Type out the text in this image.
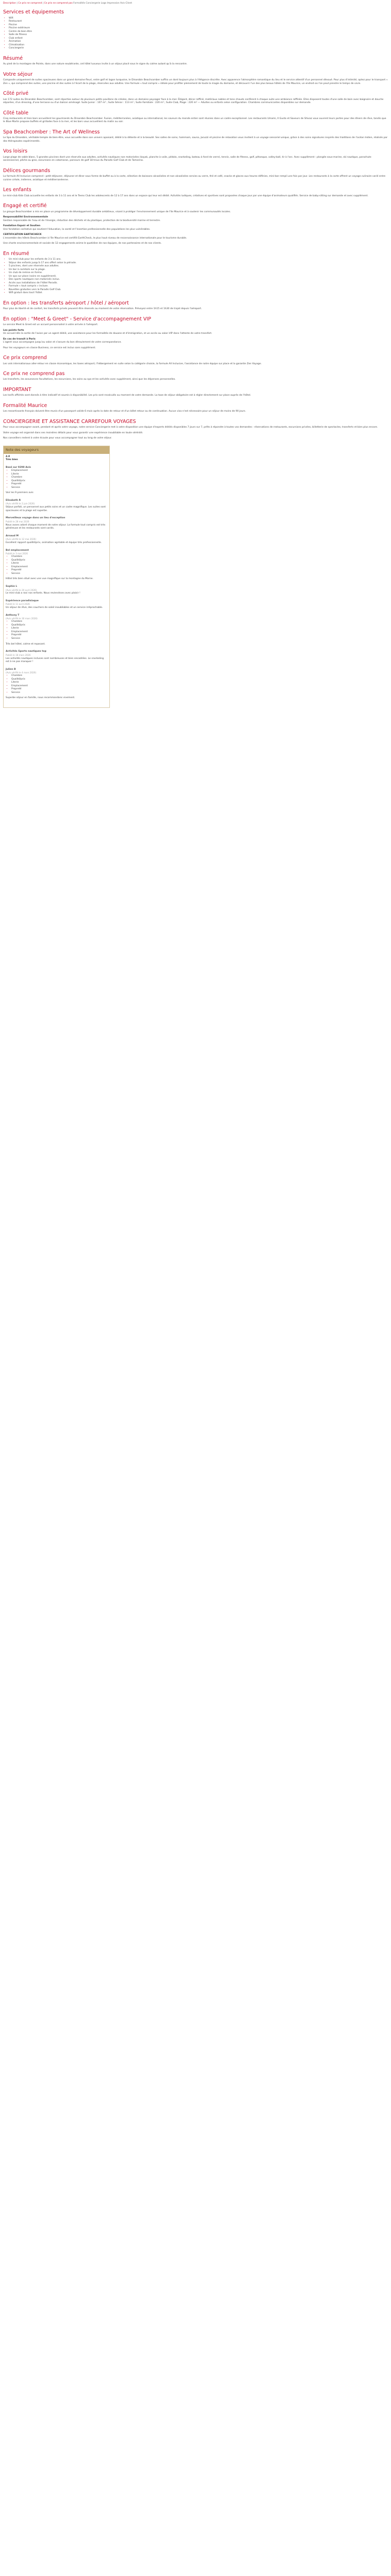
Description | Ce prix ne comprend | Ce prix ne comprend pas Formalités Conciergerie Logo Impression Avis Client
Services et équipements
• Wifi
• Restaurant
• Piscine
• Piscine extérieure
• Centre de bien-être
• Salle de fitness
• Club enfant
• Animation
• Climatisation
• Conciergerie
Résumé

Au pied de la montagne de Pointe, dans une nature exubérante, cet hôtel luxueux invite à un séjour placé sous le signe du calme autant qu'à la rencontre.

Votre séjour

Composée uniquement de suites spacieuses dans un grand domaine fleuri, entre golf et lagon turquoise, le Dinarobin Beachcomber suffira un dont toujours plus à l'élégance discrète. Avec apparence l'atmosphère romantique du lieu et le service attentif d'un personnel dévoué. Pour plus d'intimité, optez pour le transport « Zen », qui comprend des suites, une piscine et des suites à l'écart de la plage, réservées aux adultes. Une formule « tout compris » idéale pour profiter pleinement de toute la magie du domaine, et découvrir l'un des plus beaux hôtels de l'île Maurice, un endroit où l'on peut prendre le temps de vivre.

Côté privé

Les 172 suites du Dinarobin Beachcomber, sont réparties autour de plusieurs petits pavillons de créoles, dans un domaine paysager face à la mer. Élégant, décor raffiné, matériaux nobles et tons chauds confèrent à chaque suite une ambiance raffinée. Elles disposent toutes d'une salle de bain avec baignoire et douche séparées, d'un dressing, d'une terrasse ou d'un balcon aménagé. Suite Junior : 107 m² ; Suite Sénior : 113 m² ; Suite Familiale : 220 m² ; Suite Club, Plage : 220 m² — Adultes ou enfants selon configuration. Chambres communicantes disponibles sur demande.

Côté table

Cinq restaurants et trois bars accueillent les gourmands du Dinarobin Beachcomber. Fusion, méditerranéen, asiatique ou international, les saveurs du monde entier sont réunies dans un cadre exceptionnel. Les restaurants Umami, Il Gusto et Saveurs de Shivaz vous ouvrent leurs portes pour des dîners de rêve, tandis que le Blue Marlin propose buffets et grillades face à la mer, et les bars vous accueillent du matin au soir.

Spa Beachcomber : The Art of Wellness

Le Spa du Dinarobin, véritable temple de bien-être, vous accueille dans son univers apaisant, dédié à la détente et à la beauté. Ses salles de soins, hammam, sauna, jacuzzi et piscine de relaxation vous invitent à un voyage sensoriel unique, grâce à des soins signatures inspirés des traditions de l'océan Indien, réalisés par des thérapeutes expérimentés.

Vos loisirs

Large plage de sable blanc, 5 grandes piscines dont une réservée aux adultes, activités nautiques non motorisées (kayak, planche à voile, pédalo, snorkeling, bateau à fond de verre), tennis, salle de fitness, golf, pétanque, volley-ball, tir à l'arc. Avec supplément : plongée sous-marine, ski nautique, parachute ascensionnel, pêche au gros, excursions en catamaran, parcours de golf 18 trous du Paradis Golf Club et de Tamarina.

Délices gourmands

La formule All Inclusive comprend : petit-déjeuner, déjeuner et dîner sous forme de buffet ou à la carte, sélection de boissons alcoolisées et non alcoolisées servies au verre, thé et café, snacks et glaces aux heures définies, mini-bar rempli une fois par jour. Les restaurants à la carte offrent un voyage culinaire varié entre cuisine créole, indienne, asiatique et méditerranéenne.

Les enfants

Le mini-club Kids Club accueille les enfants de 3 à 11 ans et le Teens Club les adolescents de 12 à 17 ans dans un espace qui leur est dédié. Activités ludiques, créatives et sportives sont proposées chaque jour par une équipe d'animateurs qualifiés. Service de baby-sitting sur demande et avec supplément.

Engagé et certifié

Le groupe Beachcomber a mis en place un programme de développement durable ambitieux, visant à protéger l'environnement unique de l'île Maurice et à soutenir les communautés locales.

Responsabilité Environnementale
Gestion responsable de l'eau et de l'énergie, réduction des déchets et du plastique, protection de la biodiversité marine et terrestre.

Fondation Espoir et Soutien
Une fondation caritative qui soutient l'éducation, la santé et l'insertion professionnelle des populations les plus vulnérables.

CERTIFICATION EARTHCHECK
L'ensemble des hôtels Beachcomber à l'île Maurice est certifié EarthCheck, le plus haut niveau de reconnaissance internationale pour le tourisme durable.

Une charte environnementale et sociale de 12 engagements anime le quotidien de nos équipes, de nos partenaires et de nos clients.

En résumé
• Un mini-club pour les enfants de 3 à 11 ans.
• Séjour des enfants jusqu'à 17 ans offert selon la période.
• 5 piscines, dont une réservée aux adultes.
• Un bar à cocktails sur la plage.
• Un club de remise en forme.
• Un spa sur place (soins en supplément).
• Des sports nautiques non motorisés inclus.
• Accès aux installations de l'hôtel Paradis.
• Formule « tout compris » incluse.
• Navettes gratuites vers le Paradis Golf Club.
• Wifi gratuit dans tout l'hôtel.
En option : les transferts aéroport / hôtel / aéroport

Pour plus de liberté et de confort, les transferts privés peuvent être réservés au moment de votre réservation. Prévoyez entre 1h15 et 1h30 de trajet depuis l'aéroport.

En option : "Meet & Greet" - Service d'accompagnement VIP

Le service Meet & Greet est un accueil personnalisé à votre arrivée à l'aéroport.

Les points forts
Un accueil dès la sortie de l'avion par un agent dédié, une assistance pour les formalités de douane et d'immigration, et un accès au salon VIP dans l'attente de votre transfert.

En cas de transit à Paris
L'agent vous accompagne jusqu'au salon et s'assure du bon déroulement de votre correspondance.

Pour les voyageurs en classe Business, ce service est inclus sans supplément.

Ce prix comprend

Les vols internationaux aller-retour en classe économique, les taxes aéroport, l'hébergement en suite selon la catégorie choisie, la formule All Inclusive, l'assistance de notre équipe sur place et la garantie Zen Voyage.

Ce prix ne comprend pas

Les transferts, les assurances facultatives, les excursions, les soins au spa et les activités avec supplément, ainsi que les dépenses personnelles.

IMPORTANT

Les tarifs affichés sont donnés à titre indicatif et soumis à disponibilité. Les prix sont recalculés au moment de votre demande. La taxe de séjour obligatoire est à régler directement sur place auprès de l'hôtel.

Formalité Maurice

Les ressortissants français doivent être munis d'un passeport valide 6 mois après la date de retour et d'un billet retour ou de continuation. Aucun visa n'est nécessaire pour un séjour de moins de 90 jours.

CONCIERGERIE ET ASSISTANCE CARREFOUR VOYAGES

Pour vous accompagner avant, pendant et après votre voyage, notre service Conciergerie met à votre disposition une équipe d'experts dédiés disponibles 7 jours sur 7, prêts à répondre à toutes vos demandes : réservations de restaurants, excursions privées, billetterie de spectacles, transferts et bien plus encore.

Votre voyage est organisé dans ses moindres détails pour vous garantir une expérience inoubliable en toute sérénité.

Nos conseillers restent à votre écoute pour vous accompagner tout au long de votre séjour.

Note des voyageurs
4.8
Très bien
Basé sur 9298 Avis
• Emplacement
• Literie
• Chambre
• Qualité/prix
• Propreté
• Service

Voir les 9 premiers avis

Elisabeth R
(Avis vérifié le 2 juin 2026)

Séjour parfait, un personnel aux petits soins et un cadre magnifique. Les suites sont spacieuses et la plage est superbe.

Merveilleux voyage dans un lieu d'exception
Publié le 28 mai 2026

Nous avons adoré chaque moment de notre séjour. La formule tout compris est très généreuse et les restaurants sont variés.

Arnaud M
(Avis vérifié le 12 mai 2026)

Excellent rapport qualité/prix, animation agréable et équipe très professionnelle.

Bel emplacement
Publié le 3 mai 2026
• Chambre
• Qualité/prix
• Literie
• Emplacement
• Propreté
• Service

Hôtel très bien situé avec une vue magnifique sur la montagne du Morne.

Sophie L
(Avis vérifié le 20 avril 2026)

Le mini-club a ravi nos enfants. Nous reviendrons avec plaisir !

Expérience paradisiaque
Publié le 11 avril 2026

Un séjour de rêve, des couchers de soleil inoubliables et un service irréprochable.

Anthony T
(Avis vérifié le 30 mars 2026)
• Chambre
• Qualité/prix
• Literie
• Emplacement
• Propreté
• Service

Très bel hôtel, calme et reposant.

Activités Sports nautiques top
Publié le 18 mars 2026

Les activités nautiques incluses sont nombreuses et bien encadrées. Le snorkeling est à ne pas manquer !

Julien B
(Avis vérifié le 4 mars 2026)
• Chambre
• Qualité/prix
• Literie
• Emplacement
• Propreté
• Service

Superbe séjour en famille, nous recommandons vivement.
